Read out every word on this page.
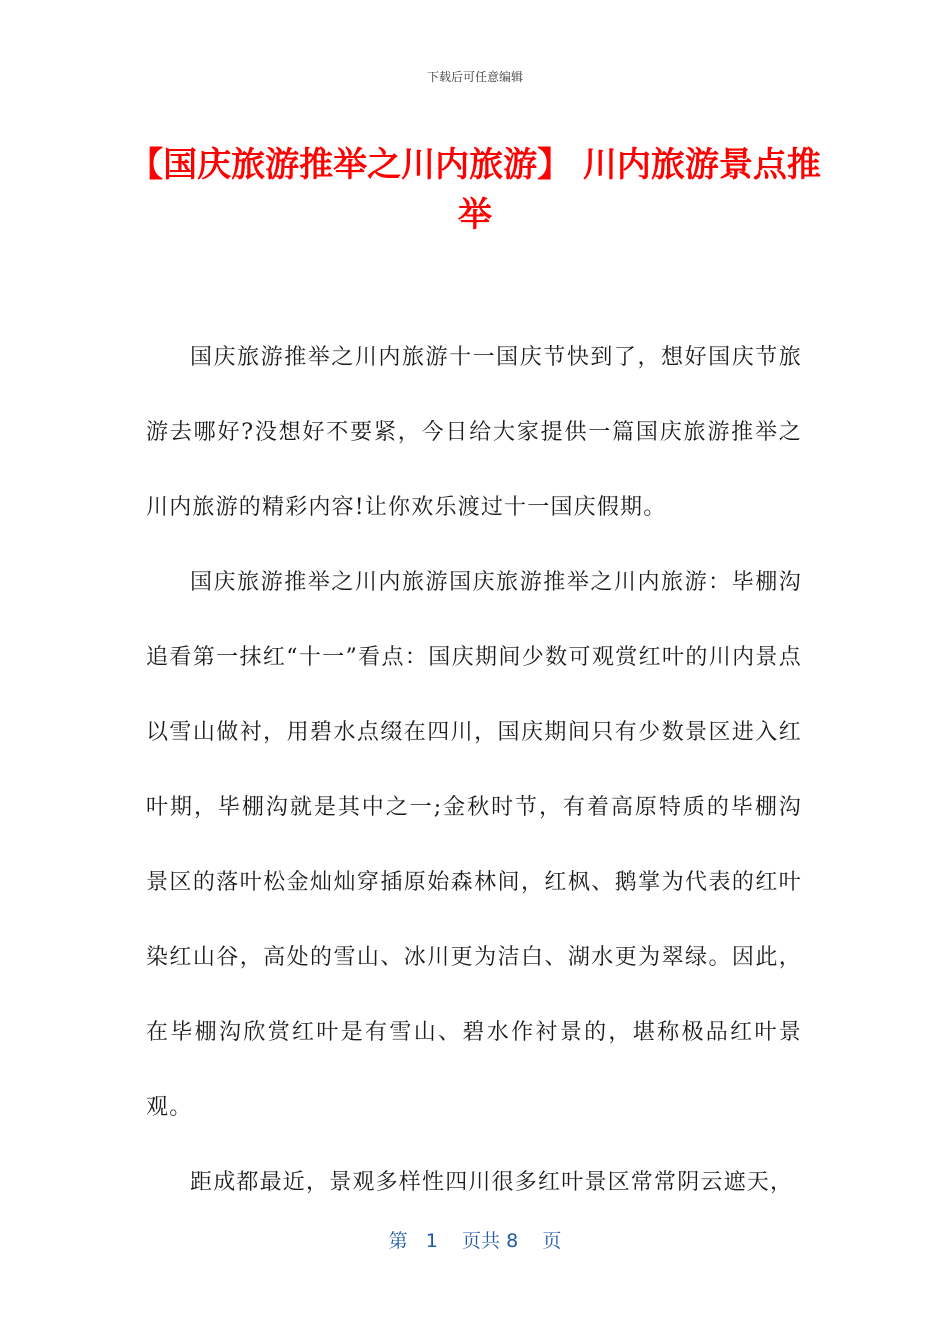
下载后可任意编辑
【国庆旅游推举之川内旅游】 川内旅游景点推举

国庆旅游推举之川内旅游十一国庆节快到了，想好国庆节旅游去哪好?没想好不要紧，今日给大家提供一篇国庆旅游推举之川内旅游的精彩内容!让你欢乐渡过十一国庆假期。

国庆旅游推举之川内旅游国庆旅游推举之川内旅游：毕棚沟追看第一抹红“十一”看点：国庆期间少数可观赏红叶的川内景点以雪山做衬，用碧水点缀在四川，国庆期间只有少数景区进入红叶期，毕棚沟就是其中之一;金秋时节，有着高原特质的毕棚沟景区的落叶松金灿灿穿插原始森林间，红枫、鹅掌为代表的红叶染红山谷，高处的雪山、冰川更为洁白、湖水更为翠绿。因此，在毕棚沟欣赏红叶是有雪山、碧水作衬景的，堪称极品红叶景观。

距成都最近，景观多样性四川很多红叶景区常常阴云遮天，

第 1 页共 8 页
